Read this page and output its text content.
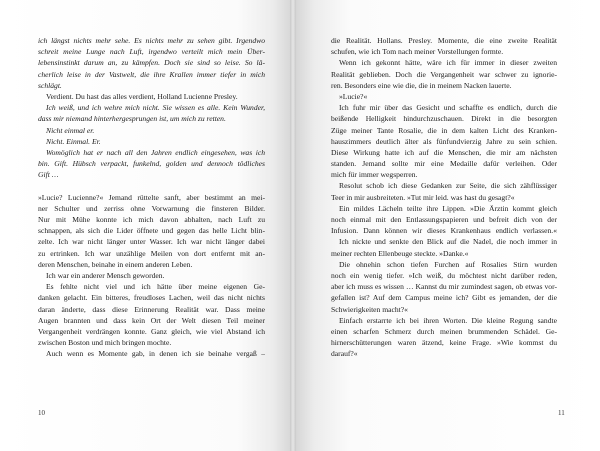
ich längst nichts mehr sehe. Es nichts mehr zu sehen gibt. Irgendwo
schreit meine Lunge nach Luft, irgendwo verteilt mich mein Über-
lebensinstinkt darum an, zu kämpfen. Doch sie sind so leise. So lä-
cherlich leise in der Vastwelt, die ihre Krallen immer tiefer in mich
schlägt.
Verdient. Du hast das alles verdient, Holland Lucienne Presley.
Ich weiß, und ich wehre mich nicht. Sie wissen es alle. Kein Wunder,
dass mir niemand hinterhergesprungen ist, um mich zu retten.
Nicht einmal er.
Nicht. Einmal. Er.
Womöglich hat er nach all den Jahren endlich eingesehen, was ich
bin. Gift. Hübsch verpackt, funkelnd, golden und dennoch tödliches
Gift …

»Lucie? Lucienne?« Jemand rüttelte sanft, aber bestimmt an mei-
ner Schulter und zerriss ohne Vorwarnung die finsteren Bilder.
Nur mit Mühe konnte ich mich davon abhalten, nach Luft zu
schnappen, als sich die Lider öffnete und gegen das helle Licht blin-
zelte. Ich war nicht länger unter Wasser. Ich war nicht länger dabei
zu ertrinken. Ich war unzählige Meilen von dort entfernt mit an-
deren Menschen, beinahe in einem anderen Leben.
Ich war ein anderer Mensch geworden.
Es fehlte nicht viel und ich hätte über meine eigenen Ge-
danken gelacht. Ein bitteres, freudloses Lachen, weil das nicht nichts
daran änderte, dass diese Erinnerung Realität war. Dass meine
Augen brannten und dass kein Ort der Welt diesen Teil meiner
Vergangenheit verdrängen konnte. Ganz gleich, wie viel Abstand ich
zwischen Boston und mich bringen mochte.
Auch wenn es Momente gab, in denen ich sie beinahe vergaß –
10
die Realität. Hollans. Presley. Momente, die eine zweite Realität
schufen, wie ich Tom nach meiner Vorstellungen formte.
Wenn ich gekonnt hätte, wäre ich für immer in dieser zweiten
Realität geblieben. Doch die Vergangenheit war schwer zu ignorie-
ren. Besonders eine wie die, die in meinem Nacken lauerte.
»Lucie?«
Ich fuhr mir über das Gesicht und schaffte es endlich, durch die
beißende Helligkeit hindurchzuschauen. Direkt in die besorgten
Züge meiner Tante Rosalie, die in dem kalten Licht des Kranken-
hauszimmers deutlich älter als fünfundvierzig Jahre zu sein schien.
Diese Wirkung hatte ich auf die Menschen, die mir am nächsten
standen. Jemand sollte mir eine Medaille dafür verleihen. Oder
mich für immer wegsperren.
Resolut schob ich diese Gedanken zur Seite, die sich zähflüssiger
Teer in mir ausbreiteten. »Tut mir leid. was hast du gesagt?«
Ein mildes Lächeln teilte ihre Lippen. »Die Ärztin kommt gleich
noch einmal mit den Entlassungspapieren und befreit dich von der
Infusion. Dann können wir dieses Krankenhaus endlich verlassen.«
Ich nickte und senkte den Blick auf die Nadel, die noch immer in
meiner rechten Ellenbeuge steckte. »Danke.«
Die ohnehin schon tiefen Furchen auf Rosalies Stirn wurden
noch ein wenig tiefer. »Ich weiß, du möchtest nicht darüber reden,
aber ich muss es wissen … Kannst du mir zumindest sagen, ob etwas vor-
gefallen ist? Auf dem Campus meine ich? Gibt es jemanden, der die
Schwierigkeiten macht?«
Einfach erstarrte ich bei ihren Worten. Die kleine Regung sandte
einen scharfen Schmerz durch meinen brummenden Schädel. Ge-
hirnerschütterungen waren ätzend, keine Frage. »Wie kommst du
darauf?«
11
